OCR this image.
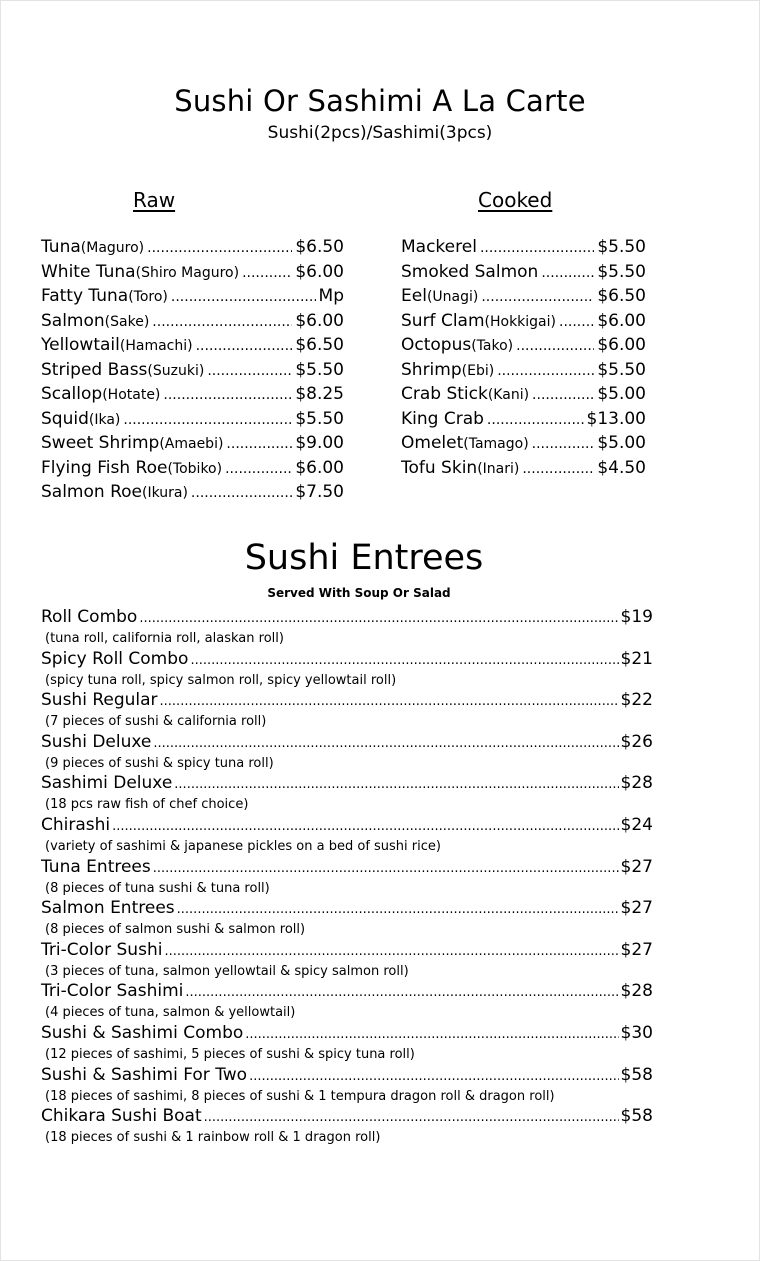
Sushi Or Sashimi A La Carte
Sushi(2pcs)/Sashimi(3pcs)
Raw	Cooked
Tuna (Maguro) .....	$6.50
White Tuna (Shiro Maguro) .....	$6.00
Fatty Tuna (Toro) .....	Mp
Salmon (Sake) .....	$6.00
Yellowtail (Hamachi) .....	$6.50
Striped Bass (Suzuki) .....	$5.50
Scallop (Hotate) .....	$8.25
Squid (Ika) .....	$5.50
Sweet Shrimp (Amaebi) .....	$9.00
Flying Fish Roe (Tobiko) .....	$6.00
Salmon Roe (Ikura) .....	$7.50
Mackerel .....	$5.50
Smoked Salmon .....	$5.50
Eel (Unagi) .....	$6.50
Surf Clam (Hokkigai) ..... $6.00
Octopus (Tako) .....	$6.00
Shrimp (Ebi) .....	$5.50
Crab Stick (Kani) .....	$5.00
King Crab .....	$13.00
Omelet (Tamago) .....	$5.00
Tofu Skin (Inari) .....	$4.50
Sushi Entrees
Served With Soup Or Salad
Roll Combo .....	$19
(tuna roll, california roll, alaskan roll)
Spicy Roll Combo .....	$21
(spicy tuna roll, spicy salmon roll, spicy yellowtail roll)
Sushi Regular .....	$22
(7 pieces of sushi & california roll)
Sushi Deluxe .....	$26
(9 pieces of sushi & spicy tuna roll)
Sashimi Deluxe .....	$28
(18 pcs raw fish of chef choice)
Chirashi .....	$24
(variety of sashimi & japanese pickles on a bed of sushi rice)
Tuna Entrees .....	$27
(8 pieces of tuna sushi & tuna roll)
Salmon Entrees .....	$27
(8 pieces of salmon sushi & salmon roll)
Tri-Color Sushi .....	$27
(3 pieces of tuna, salmon yellowtail & spicy salmon roll)
Tri-Color Sashimi .....	$28
(4 pieces of tuna, salmon & yellowtail)
Sushi & Sashimi Combo .....	$30
(12 pieces of sashimi, 5 pieces of sushi & spicy tuna roll)
Sushi & Sashimi For Two .....	$58
(18 pieces of sashimi, 8 pieces of sushi & 1 tempura dragon roll & dragon roll)
Chikara Sushi Boat .....	$58
(18 pieces of sushi & 1 rainbow roll & 1 dragon roll)
